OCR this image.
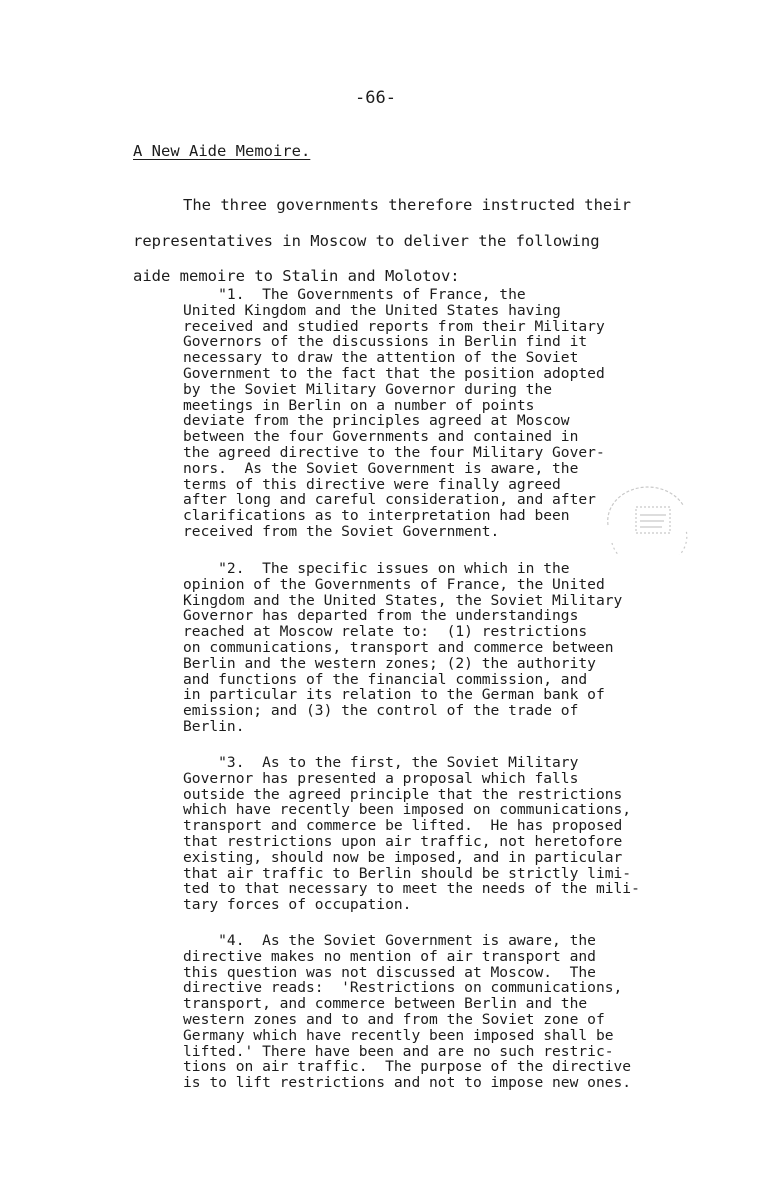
-66-
A New Aide Memoire.
The three governments therefore instructed their
representatives in Moscow to deliver the following
aide memoire to Stalin and Molotov:
"1.  The Governments of France, the
United Kingdom and the United States having
received and studied reports from their Military
Governors of the discussions in Berlin find it
necessary to draw the attention of the Soviet
Government to the fact that the position adopted
by the Soviet Military Governor during the
meetings in Berlin on a number of points
deviate from the principles agreed at Moscow
between the four Governments and contained in
the agreed directive to the four Military Gover-
nors.  As the Soviet Government is aware, the
terms of this directive were finally agreed
after long and careful consideration, and after
clarifications as to interpretation had been
received from the Soviet Government.
"2.  The specific issues on which in the
opinion of the Governments of France, the United
Kingdom and the United States, the Soviet Military
Governor has departed from the understandings
reached at Moscow relate to:  (1) restrictions
on communications, transport and commerce between
Berlin and the western zones; (2) the authority
and functions of the financial commission, and
in particular its relation to the German bank of
emission; and (3) the control of the trade of
Berlin.
"3.  As to the first, the Soviet Military
Governor has presented a proposal which falls
outside the agreed principle that the restrictions
which have recently been imposed on communications,
transport and commerce be lifted.  He has proposed
that restrictions upon air traffic, not heretofore
existing, should now be imposed, and in particular
that air traffic to Berlin should be strictly limi-
ted to that necessary to meet the needs of the mili-
tary forces of occupation.
"4.  As the Soviet Government is aware, the
directive makes no mention of air transport and
this question was not discussed at Moscow.  The
directive reads:  'Restrictions on communications,
transport, and commerce between Berlin and the
western zones and to and from the Soviet zone of
Germany which have recently been imposed shall be
lifted.' There have been and are no such restric-
tions on air traffic.  The purpose of the directive
is to lift restrictions and not to impose new ones.
